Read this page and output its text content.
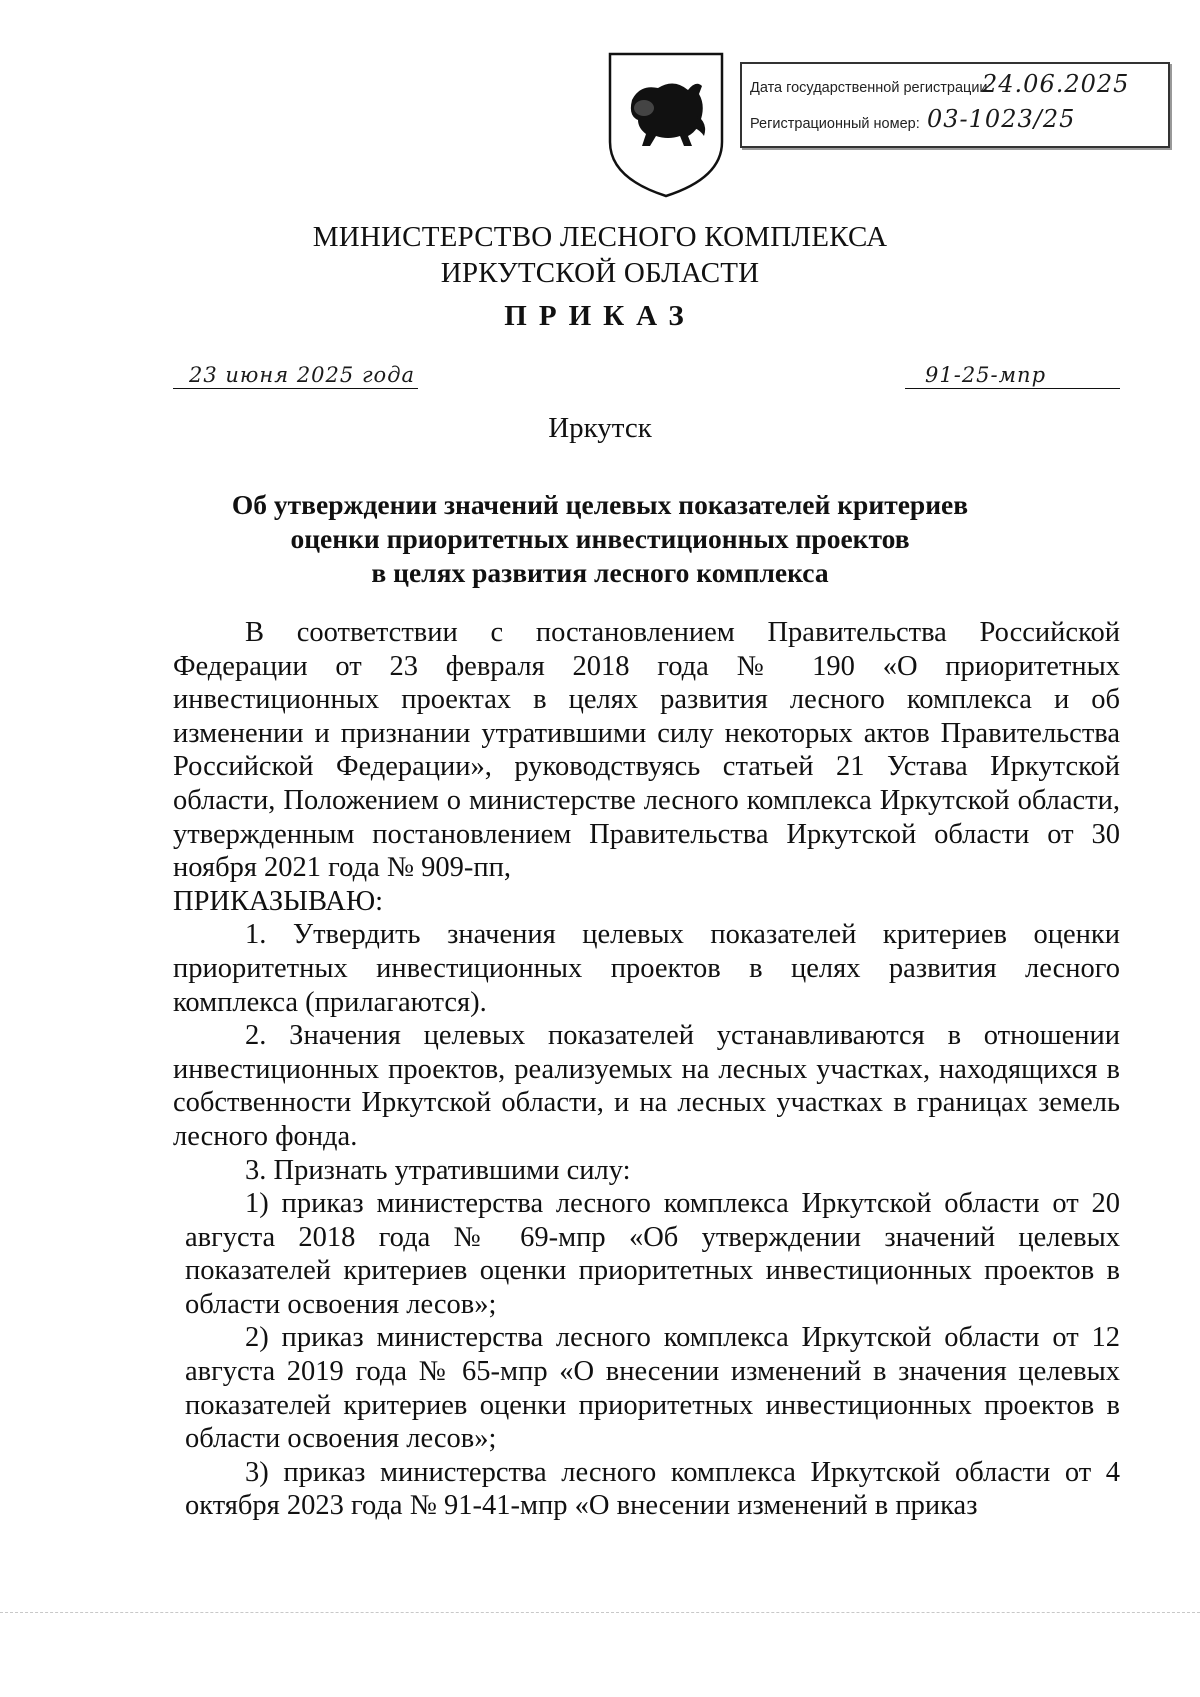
Дата государственной регистрации:
24.06.2025
Регистрационный номер: 03-1023/25
МИНИСТЕРСТВО ЛЕСНОГО КОМПЛЕКСА
ИРКУТСКОЙ ОБЛАСТИ
ПРИКАЗ
23 июня 2025 года	91-25-мпр
Иркутск
Об утверждении значений целевых показателей критериев
оценки приоритетных инвестиционных проектов
в целях развития лесного комплекса

В соответствии с постановлением Правительства Российской Федерации от 23 февраля 2018 года № 190 «О приоритетных инвестиционных проектах в целях развития лесного комплекса и об изменении и признании утратившими силу некоторых актов Правительства Российской Федерации», руководствуясь статьей 21 Устава Иркутской области, Положением о министерстве лесного комплекса Иркутской области, утвержденным постановлением Правительства Иркутской области от 30 ноября 2021 года № 909-пп,

ПРИКАЗЫВАЮ:

1. Утвердить значения целевых показателей критериев оценки приоритетных инвестиционных проектов в целях развития лесного комплекса (прилагаются).

2. Значения целевых показателей устанавливаются в отношении инвестиционных проектов, реализуемых на лесных участках, находящихся в собственности Иркутской области, и на лесных участках в границах земель лесного фонда.

3. Признать утратившими силу:

1) приказ министерства лесного комплекса Иркутской области от 20 августа 2018 года № 69-мпр «Об утверждении значений целевых показателей критериев оценки приоритетных инвестиционных проектов в области освоения лесов»;

2) приказ министерства лесного комплекса Иркутской области от 12 августа 2019 года № 65-мпр «О внесении изменений в значения целевых показателей критериев оценки приоритетных инвестиционных проектов в области освоения лесов»;

3) приказ министерства лесного комплекса Иркутской области от 4 октября 2023 года № 91-41-мпр «О внесении изменений в приказ
